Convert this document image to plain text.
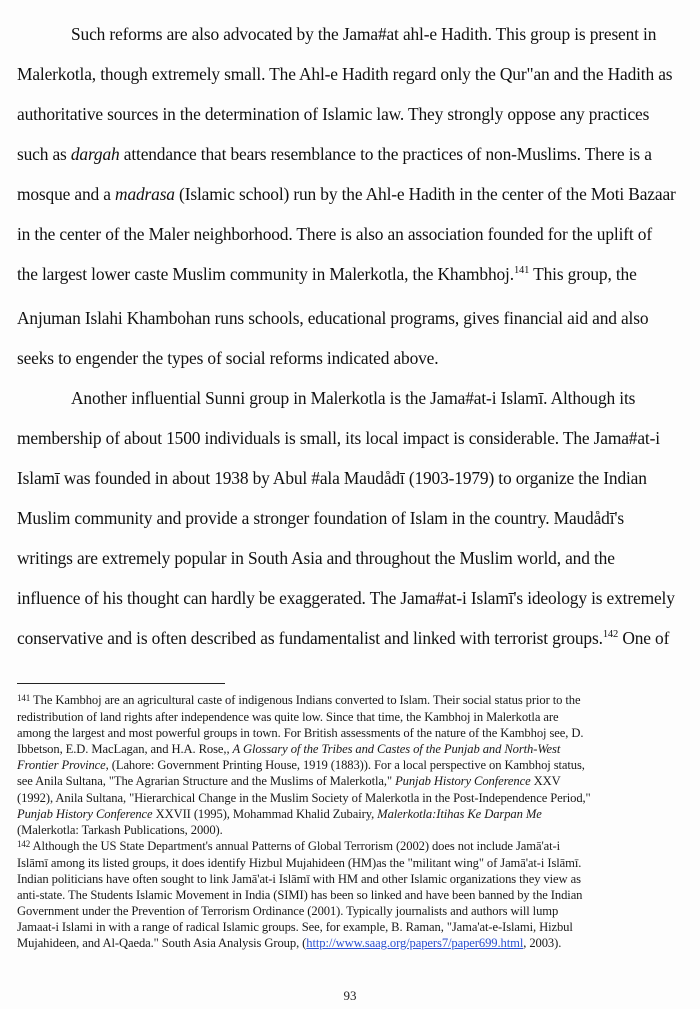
Such reforms are also advocated by the Jama#at ahl-e Hadith. This group is present in
Malerkotla, though extremely small. The Ahl-e Hadith regard only the Qur"an and the Hadith as
authoritative sources in the determination of Islamic law. They strongly oppose any practices
such as dargah attendance that bears resemblance to the practices of non-Muslims. There is a
mosque and a madrasa (Islamic school) run by the Ahl-e Hadith in the center of the Moti Bazaar
in the center of the Maler neighborhood. There is also an association founded for the uplift of
the largest lower caste Muslim community in Malerkotla, the Khambhoj.$^{141}$ This group, the
Anjuman Islahi Khambohan runs schools, educational programs, gives financial aid and also
seeks to engender the types of social reforms indicated above.
Another influential Sunni group in Malerkotla is the Jama#at-i Islamī. Although its
membership of about 1500 individuals is small, its local impact is considerable. The Jama#at-i
Islamī was founded in about 1938 by Abul #ala Maudådī (1903-1979) to organize the Indian
Muslim community and provide a stronger foundation of Islam in the country. Maudådī's
writings are extremely popular in South Asia and throughout the Muslim world, and the
influence of his thought can hardly be exaggerated. The Jama#at-i Islamī's ideology is extremely
conservative and is often described as fundamentalist and linked with terrorist groups.$^{142}$ One of
$^{141}$ The Kambhoj are an agricultural caste of indigenous Indians converted to Islam. Their social status prior to the
redistribution of land rights after independence was quite low. Since that time, the Kambhoj in Malerkotla are
among the largest and most powerful groups in town. For British assessments of the nature of the Kambhoj see, D.
Ibbetson, E.D. MacLagan, and H.A. Rose,, A Glossary of the Tribes and Castes of the Punjab and North-West
Frontier Province, (Lahore: Government Printing House, 1919 (1883)). For a local perspective on Kambhoj status,
see Anila Sultana, "The Agrarian Structure and the Muslims of Malerkotla," Punjab History Conference XXV
(1992), Anila Sultana, "Hierarchical Change in the Muslim Society of Malerkotla in the Post-Independence Period,"
Punjab History Conference XXVII (1995), Mohammad Khalid Zubairy, Malerkotla:Itihas Ke Darpan Me
(Malerkotla: Tarkash Publications, 2000).
$^{142}$ Although the US State Department's annual Patterns of Global Terrorism (2002) does not include Jamā'at-i
Islāmī among its listed groups, it does identify Hizbul Mujahideen (HM)as the "militant wing" of Jamā'at-i Islāmī.
Indian politicians have often sought to link Jamā'at-i Islāmī with HM and other Islamic organizations they view as
anti-state. The Students Islamic Movement in India (SIMI) has been so linked and have been banned by the Indian
Government under the Prevention of Terrorism Ordinance (2001). Typically journalists and authors will lump
Jamaat-i Islami in with a range of radical Islamic groups. See, for example, B. Raman, "Jama'at-e-Islami, Hizbul
Mujahideen, and Al-Qaeda." South Asia Analysis Group, (http://www.saag.org/papers7/paper699.html, 2003).
93
